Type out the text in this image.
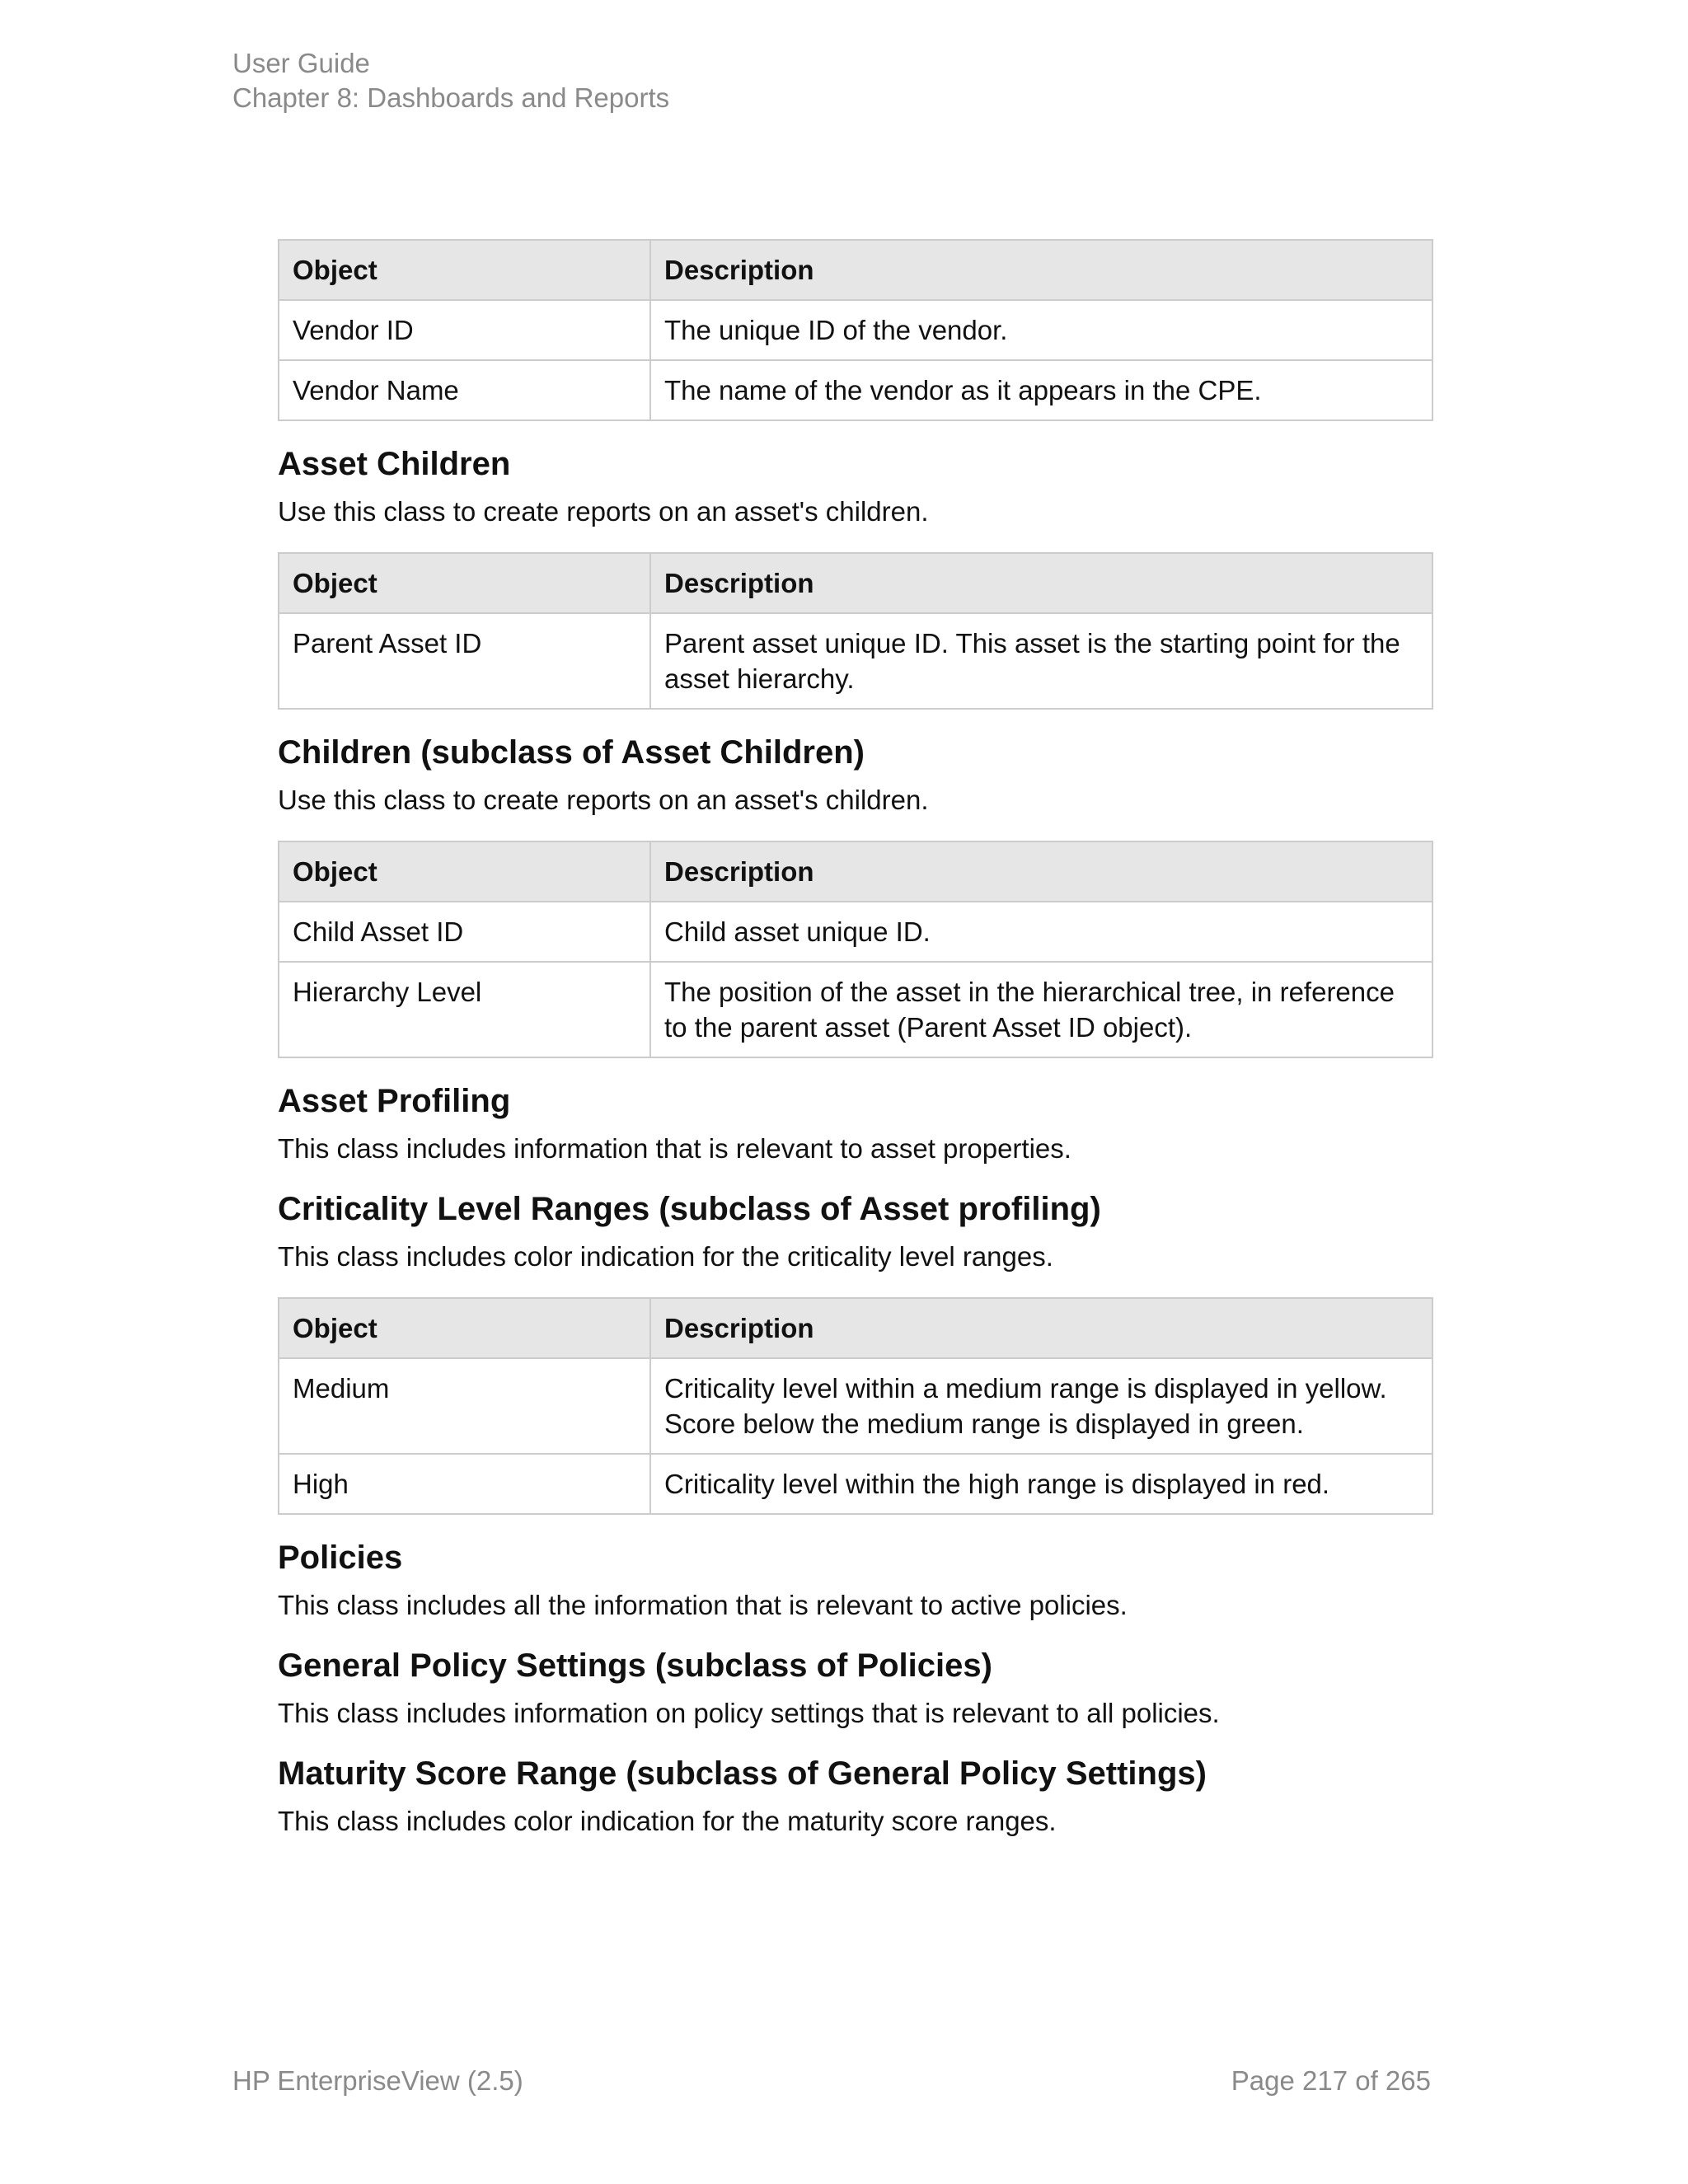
User Guide
Chapter 8: Dashboards and Reports
Object	Description
Vendor ID	The unique ID of the vendor.
Vendor Name	The name of the vendor as it appears in the CPE.
Asset Children

Use this class to create reports on an asset's children.

Object	Description
Parent Asset ID	Parent asset unique ID. This asset is the starting point for the asset hierarchy.
Children (subclass of Asset Children)

Use this class to create reports on an asset's children.

Object	Description
Child Asset ID	Child asset unique ID.
Hierarchy Level	The position of the asset in the hierarchical tree, in reference to the parent asset (Parent Asset ID object).
Asset Profiling

This class includes information that is relevant to asset properties.

Criticality Level Ranges (subclass of Asset profiling)

This class includes color indication for the criticality level ranges.

Object	Description
Medium	Criticality level within a medium range is displayed in yellow. Score below the medium range is displayed in green.
High	Criticality level within the high range is displayed in red.
Policies

This class includes all the information that is relevant to active policies.

General Policy Settings (subclass of Policies)

This class includes information on policy settings that is relevant to all policies.

Maturity Score Range (subclass of General Policy Settings)

This class includes color indication for the maturity score ranges.

HP EnterpriseView (2.5)	Page 217 of 265
